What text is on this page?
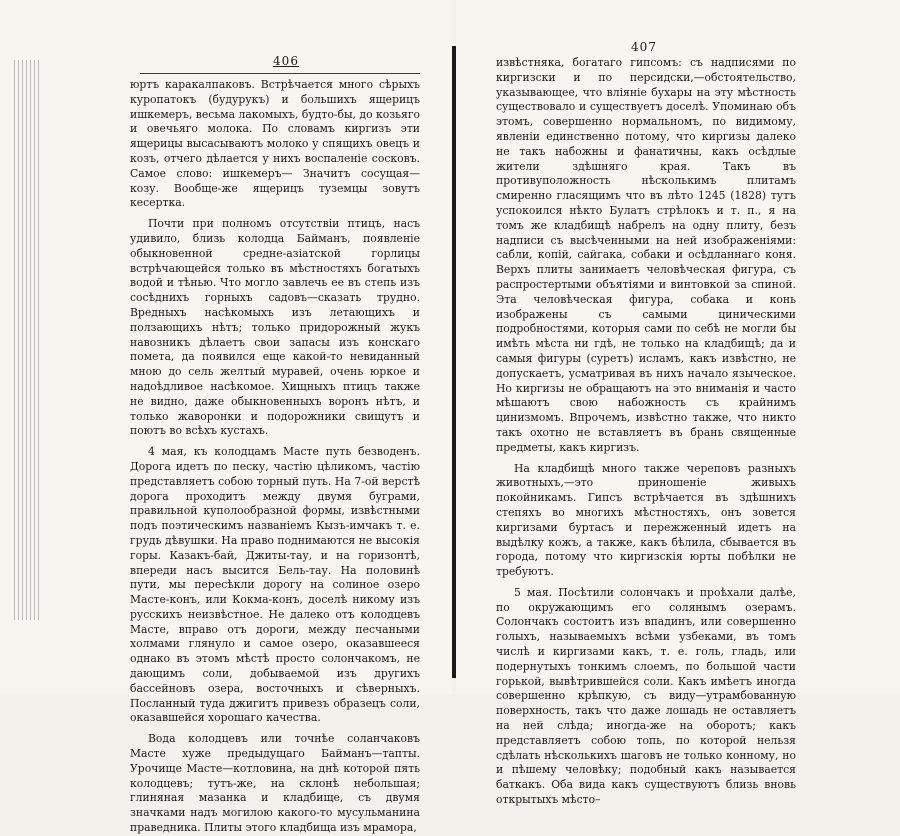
406

юртъ каракалпаковъ. Встрѣчается много сѣрыхъ куропатокъ (будурукъ) и большихъ ящерицъ ишкемеръ, весьма лакомыхъ, будто-бы, до козьяго и овечьяго молока. По словамъ киргизъ эти ящерицы высасываютъ молоко у спящихъ овецъ и козъ, отчего дѣлается у нихъ воспаленіе сосковъ. Самое слово: ишкемеръ— Значитъ сосущая—козу. Вообще-же ящерицъ туземцы зовутъ кесертка.

Почти при полномъ отсутствіи птицъ, насъ удивило, близь колодца Байманъ, появленіе обыкновенной средне-азіатской горлицы встрѣчающейся только въ мѣстностяхъ богатыхъ водой и тѣнью. Что могло завлечь ее въ степь изъ сосѣднихъ горныхъ садовъ—сказать трудно. Вредныхъ насѣкомыхъ изъ летающихъ и ползающихъ нѣтъ; только придорожный жукъ навозникъ дѣлаетъ свои запасы изъ конскаго помета, да появился еще какой-то невиданный мною до сель желтый муравей, очень юркое и надоѣдливое насѣкомое. Хищныхъ птицъ также не видно, даже обыкновенныхъ воронъ нѣтъ, и только жаворонки и подорожники свищутъ и поютъ во всѣхъ кустахъ.

4 мая, къ колодцамъ Масте путь безводенъ. Дорога идетъ по песку, частію цѣликомъ, частію представляетъ собою торный путь. На 7-ой верстѣ дорога проходитъ между двумя буграми, правильной куполообразной формы, извѣстными подъ поэтическимъ названіемъ Кызъ-имчакъ т. е. грудь дѣвушки. На право поднимаются не высокія горы. Казакъ-бай, Джиты-тау, и на горизонтѣ, впереди насъ высится Бель-тау. На половинѣ пути, мы пересѣкли дорогу на солиное озеро Масте-конъ, или Кокма-конъ, доселѣ никому изъ русскихъ неизвѣстное. Не далеко отъ колодцевъ Масте, вправо отъ дороги, между песчаными холмами глянуло и самое озеро, оказавшееся однако въ этомъ мѣстѣ просто солончакомъ, не дающимъ соли, добываемой изъ другихъ бассейновъ озера, восточныхъ и сѣверныхъ. Посланный туда джигитъ привезъ образецъ соли, оказавшейся хорошаго качества.

Вода колодцевъ или точнѣе соланчаковъ Масте хуже предыдущаго Байманъ—тапты. Урочище Масте—котловина, на днѣ которой пять колодцевъ; тутъ-же, на склонѣ небольшая; глиняная мазанка и кладбище, съ двумя значками надъ могилою какого-то мусульманина праведника. Плиты этого кладбища изъ мрамора,

407

извѣстняка, богатаго гипсомъ: съ надписями по киргизски и по персидски,—обстоятельство, указывающее, что вліяніе бухары на эту мѣстность существовало и существуетъ доселѣ. Упоминаю объ этомъ, совершенно нормальномъ, по видимому, явленіи единственно потому, что киргизы далеко не такъ набожны и фанатичны, какъ осѣдлые жители здѣшняго края. Такъ въ противуположность нѣсколькимъ плитамъ смиренно гласящимъ что въ лѣто 1245 (1828) тутъ успокоился нѣкто Булатъ стрѣлокъ и т. п., я на томъ же кладбищѣ набрелъ на одну плиту, безъ надписи съ высѣченными на ней изображеніями: сабли, копій, сайгака, собаки и осѣдланнаго коня. Верхъ плиты занимаетъ человѣческая фигура, съ распростертыми объятіями и винтовкой за спиной. Эта человѣческая фигура, собака и конь изображены съ самыми циническими подробностями, которыя сами по себѣ не могли бы имѣть мѣста ни гдѣ, не только на кладбищѣ; да и самыя фигуры (суретъ) исламъ, какъ извѣстно, не допускаетъ, усматривая въ нихъ начало языческое. Но киргизы не обращаютъ на это вниманія и часто мѣшаютъ свою набожность съ крайнимъ цинизмомъ. Впрочемъ, извѣстно также, что никто такъ охотно не вставляетъ въ брань священные предметы, какъ киргизъ.

На кладбищѣ много также череповъ разныхъ животныхъ,—это приношеніе живыхъ покойникамъ. Гипсъ встрѣчается въ здѣшнихъ степяхъ во многихъ мѣстностяхъ, онъ зовется киргизами буртасъ и пережженный идетъ на выдѣлку кожъ, а также, какъ бѣлила, сбывается въ города, потому что киргизскія юрты побѣлки не требуютъ.

5 мая. Посѣтили солончакъ и проѣхали далѣе, по окружающимъ его солянымъ озерамъ. Солончакъ состоитъ изъ впадинъ, или совершенно голыхъ, называемыхъ всѣми узбеками, въ томъ числѣ и киргизами какъ, т. е. голь, гладь, или подернутыхъ тонкимъ слоемъ, по большой части горькой, вывѣтрившейся соли. Какъ имѣетъ иногда совершенно крѣпкую, съ виду—утрамбованную поверхность, такъ что даже лошадь не оставляетъ на ней слѣда; иногда-же на оборотъ; какъ представляетъ собою топь, по которой нельзя сдѣлать нѣсколькихъ шаговъ не только конному, но и пѣшему человѣку; подобный какъ называется баткакъ. Оба вида какъ существуютъ близь вновь открытыхъ мѣсто–
